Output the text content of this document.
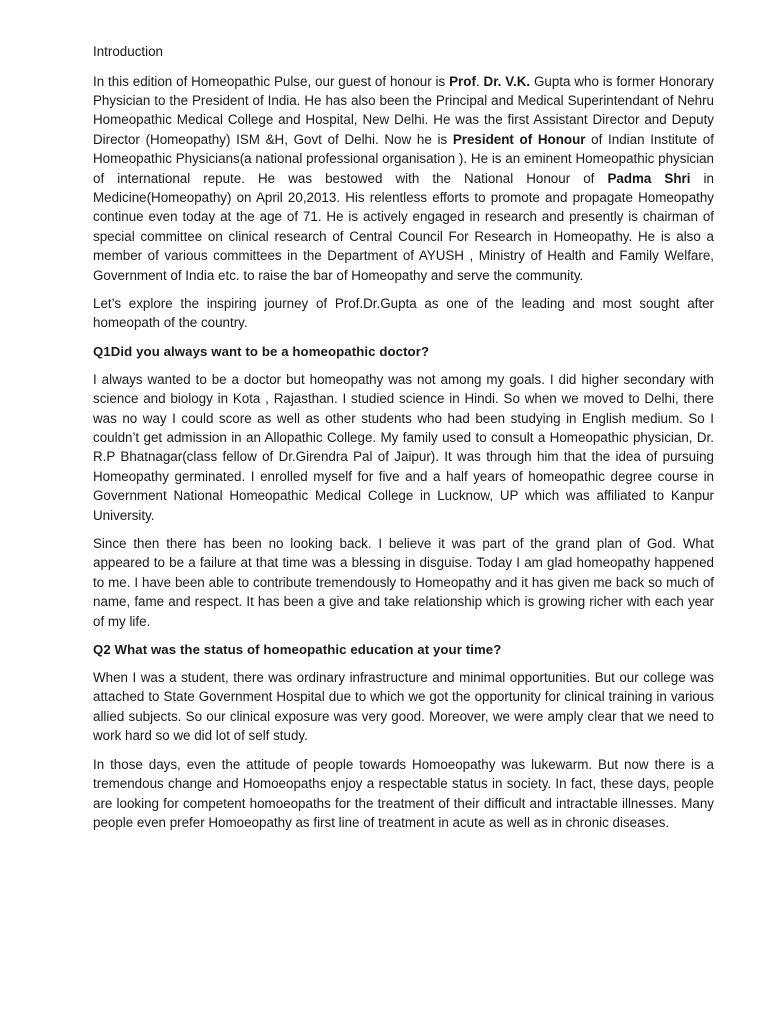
Introduction

In this edition of Homeopathic Pulse, our guest of honour is Prof. Dr. V.K. Gupta who is former Honorary Physician to the President of India. He has also been the Principal and Medical Superintendant of Nehru Homeopathic Medical College and Hospital, New Delhi. He was the first Assistant Director and Deputy Director (Homeopathy) ISM &H, Govt of Delhi. Now he is President of Honour of Indian Institute of Homeopathic Physicians(a national professional organisation ). He is an eminent Homeopathic physician of international repute. He was bestowed with the National Honour of Padma Shri in Medicine(Homeopathy) on April 20,2013. His relentless efforts to promote and propagate Homeopathy continue even today at the age of 71. He is actively engaged in research and presently is chairman of special committee on clinical research of Central Council For Research in Homeopathy. He is also a member of various committees in the Department of AYUSH , Ministry of Health and Family Welfare, Government of India etc. to raise the bar of Homeopathy and serve the community.

Let’s explore the inspiring journey of Prof.Dr.Gupta as one of the leading and most sought after homeopath of the country.

Q1Did you always want to be a homeopathic doctor?

I always wanted to be a doctor but homeopathy was not among my goals. I did higher secondary with science and biology in Kota , Rajasthan. I studied science in Hindi. So when we moved to Delhi, there was no way I could score as well as other students who had been studying in English medium. So I couldn’t get admission in an Allopathic College. My family used to consult a Homeopathic physician, Dr. R.P Bhatnagar(class fellow of Dr.Girendra Pal of Jaipur). It was through him that the idea of pursuing Homeopathy germinated. I enrolled myself for five and a half years of homeopathic degree course in Government National Homeopathic Medical College in Lucknow, UP which was affiliated to Kanpur University.

Since then there has been no looking back. I believe it was part of the grand plan of God. What appeared to be a failure at that time was a blessing in disguise. Today I am glad homeopathy happened to me. I have been able to contribute tremendously to Homeopathy and it has given me back so much of name, fame and respect. It has been a give and take relationship which is growing richer with each year of my life.

Q2 What was the status of homeopathic education at your time?

When I was a student, there was ordinary infrastructure and minimal opportunities. But our college was attached to State Government Hospital due to which we got the opportunity for clinical training in various allied subjects. So our clinical exposure was very good. Moreover, we were amply clear that we need to work hard so we did lot of self study.

In those days, even the attitude of people towards Homoeopathy was lukewarm. But now there is a tremendous change and Homoeopaths enjoy a respectable status in society. In fact, these days, people are looking for competent homoeopaths for the treatment of their difficult and intractable illnesses. Many people even prefer Homoeopathy as first line of treatment in acute as well as in chronic diseases.
